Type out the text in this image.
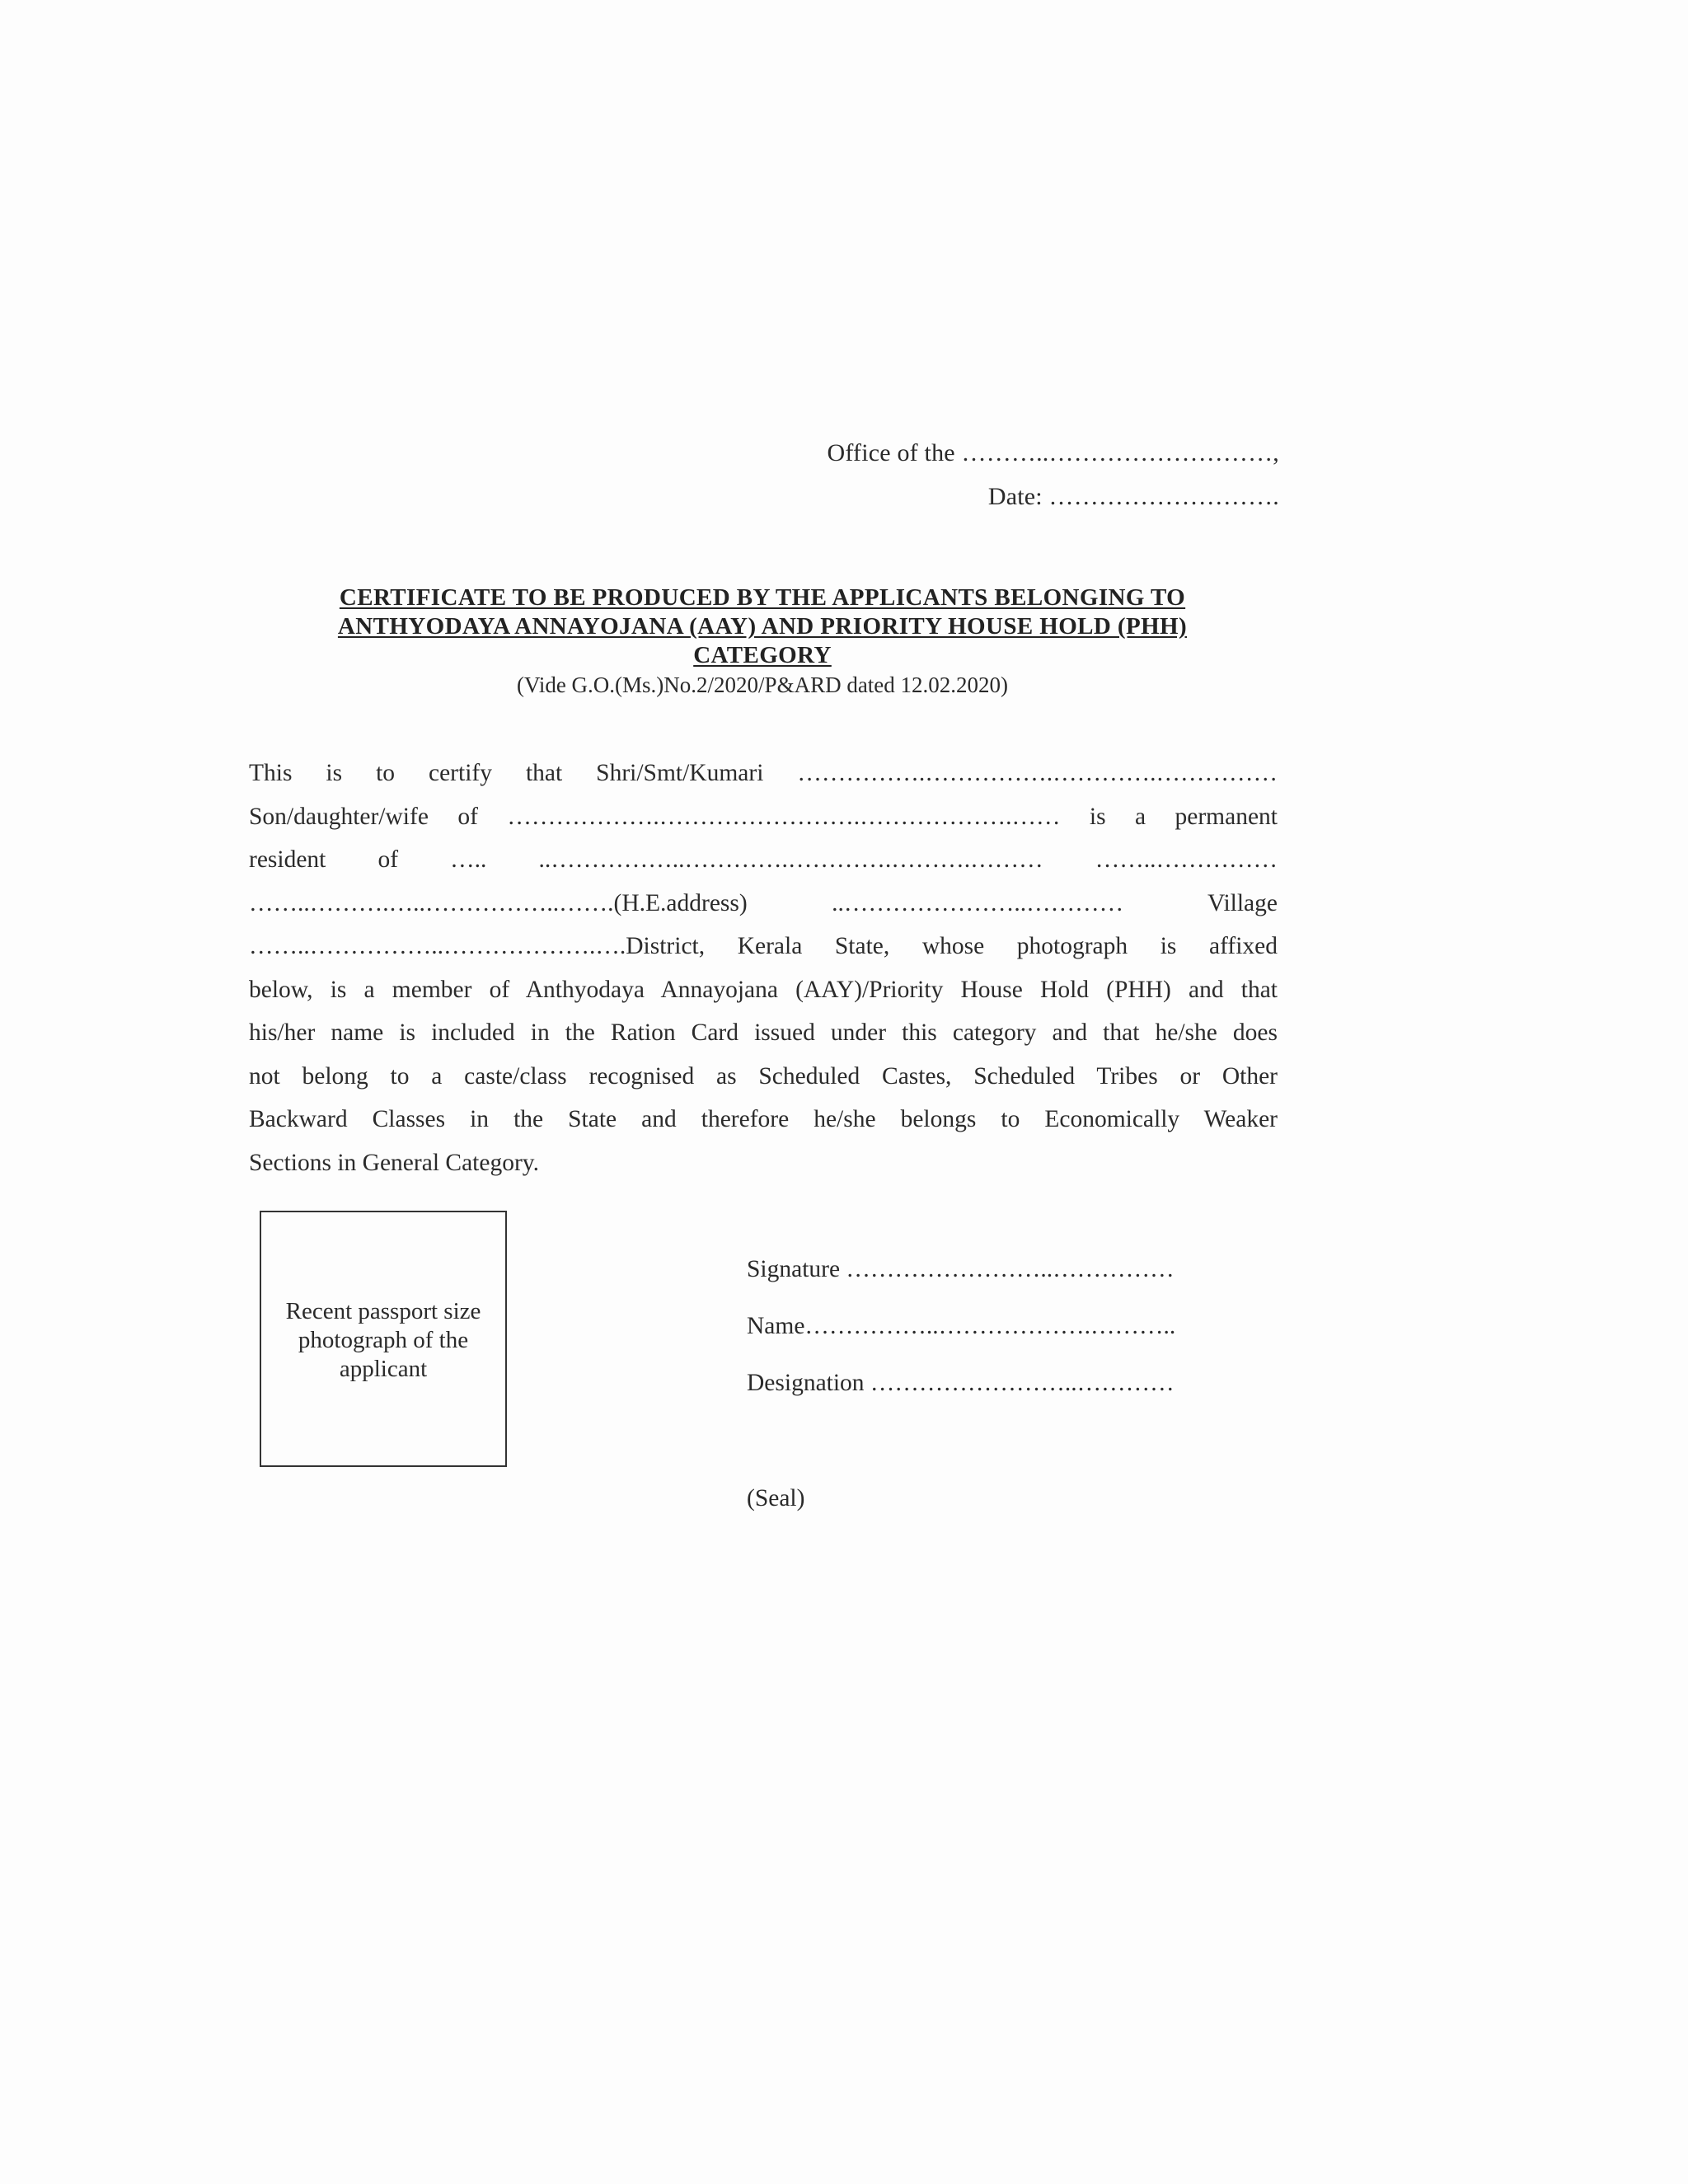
Office of the ………..………………………,
Date: ……………………….
CERTIFICATE TO BE PRODUCED BY THE APPLICANTS BELONGING TO
ANTHYODAYA ANNAYOJANA (AAY) AND PRIORITY HOUSE HOLD (PHH)
CATEGORY
(Vide G.O.(Ms.)No.2/2020/P&ARD dated 12.02.2020)
This is to certify that Shri/Smt/Kumari …………….…………….………….……………
Son/daughter/wife of ……………….…………………….……………….…… is a permanent
resident of ….. ..……………..………….………….……….……… ……..……………
……..……….…..……………..…….(H.E.address) ..…………………..………… Village
……..……………..……………….….District, Kerala State, whose photograph is affixed
below, is a member of Anthyodaya Annayojana (AAY)/Priority House Hold (PHH) and that
his/her name is included in the Ration Card issued under this category and that he/she does
not belong to a caste/class recognised as Scheduled Castes, Scheduled Tribes or Other
Backward Classes in the State and therefore he/she belongs to Economically Weaker
Sections in General Category.
Recent passport size
photograph of the
applicant
Signature ……………………..……………
Name……………..……………….………..
Designation ……………………..…………
(Seal)
